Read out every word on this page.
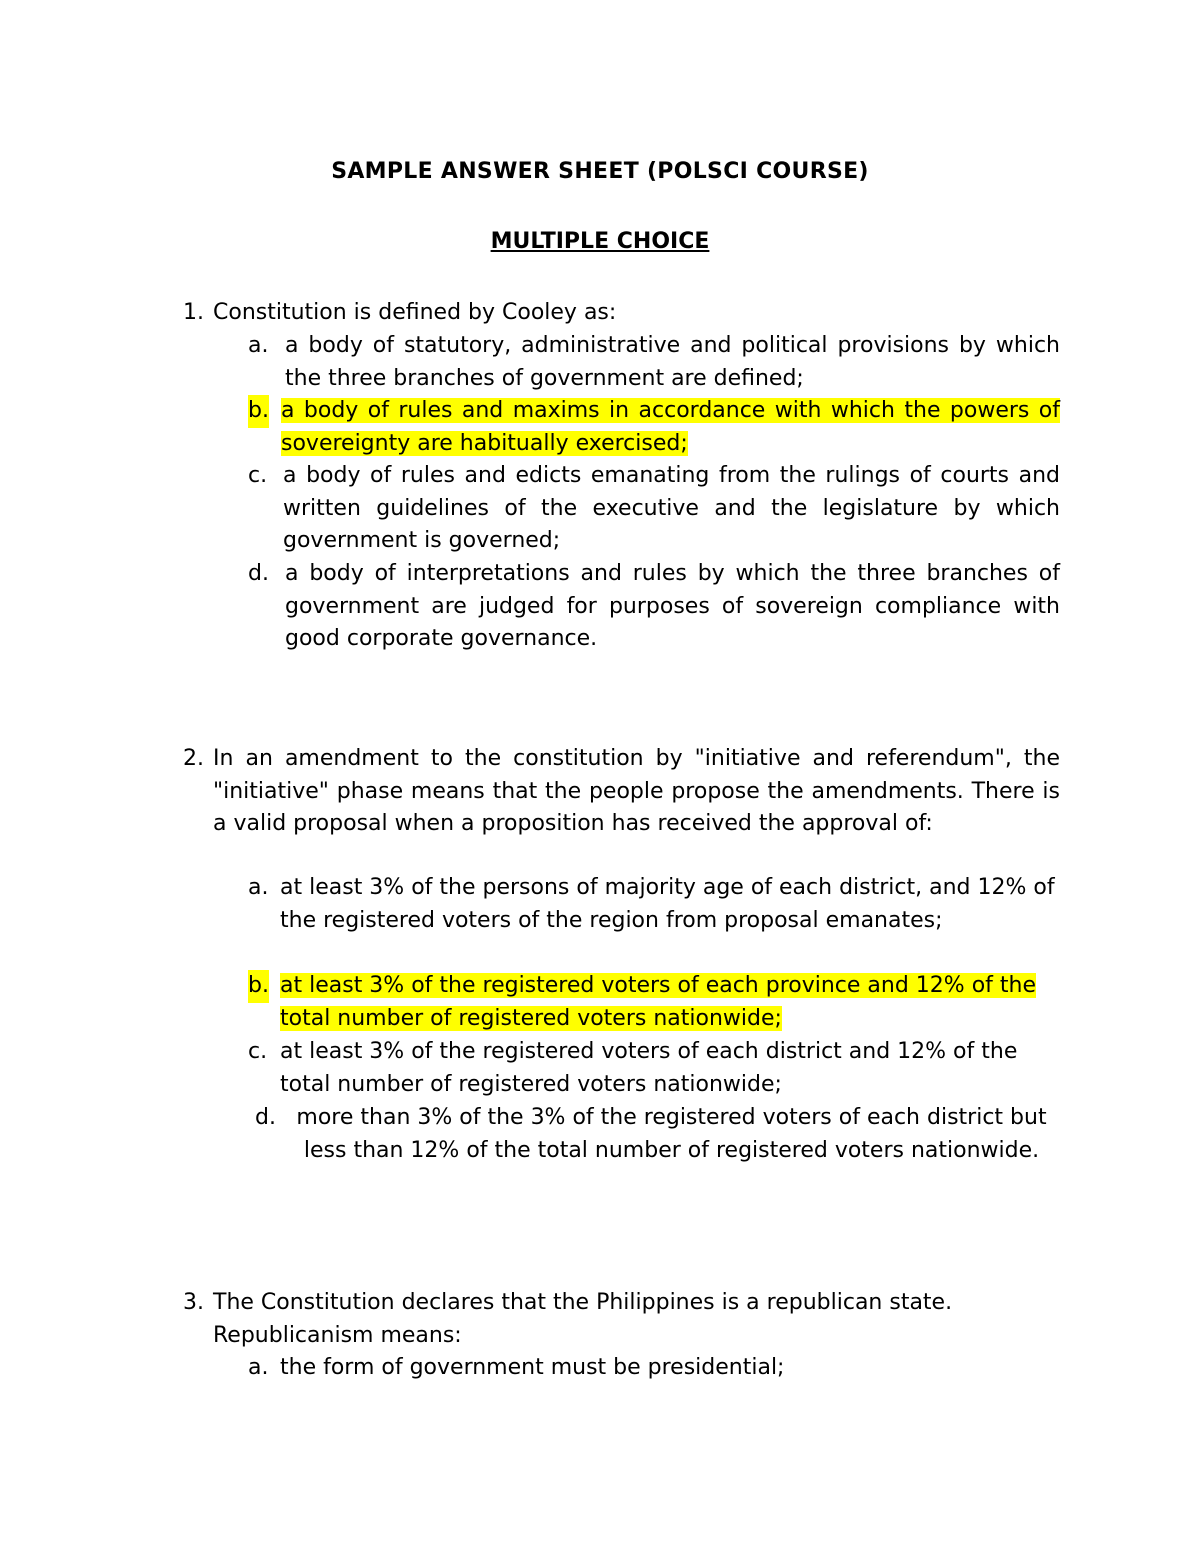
SAMPLE ANSWER SHEET (POLSCI COURSE)
MULTIPLE CHOICE
1. Constitution is defined by Cooley as:
a. a body of statutory, administrative and political provisions by which the three branches of government are defined;
b. a body of rules and maxims in accordance with which the powers of sovereignty are habitually exercised;
c. a body of rules and edicts emanating from the rulings of courts and written guidelines of the executive and the legislature by which government is governed;
d. a body of interpretations and rules by which the three branches of government are judged for purposes of sovereign compliance with good corporate governance.
2. In an amendment to the constitution by "initiative and referendum", the "initiative" phase means that the people propose the amendments. There is a valid proposal when a proposition has received the approval of:
a. at least 3% of the persons of majority age of each district, and 12% of the registered voters of the region from proposal emanates;
b. at least 3% of the registered voters of each province and 12% of the total number of registered voters nationwide;
c. at least 3% of the registered voters of each district and 12% of the total number of registered voters nationwide;
d. more than 3% of the 3% of the registered voters of each district but less than 12% of the total number of registered voters nationwide.
3. The Constitution declares that the Philippines is a republican state. Republicanism means:
a. the form of government must be presidential;
